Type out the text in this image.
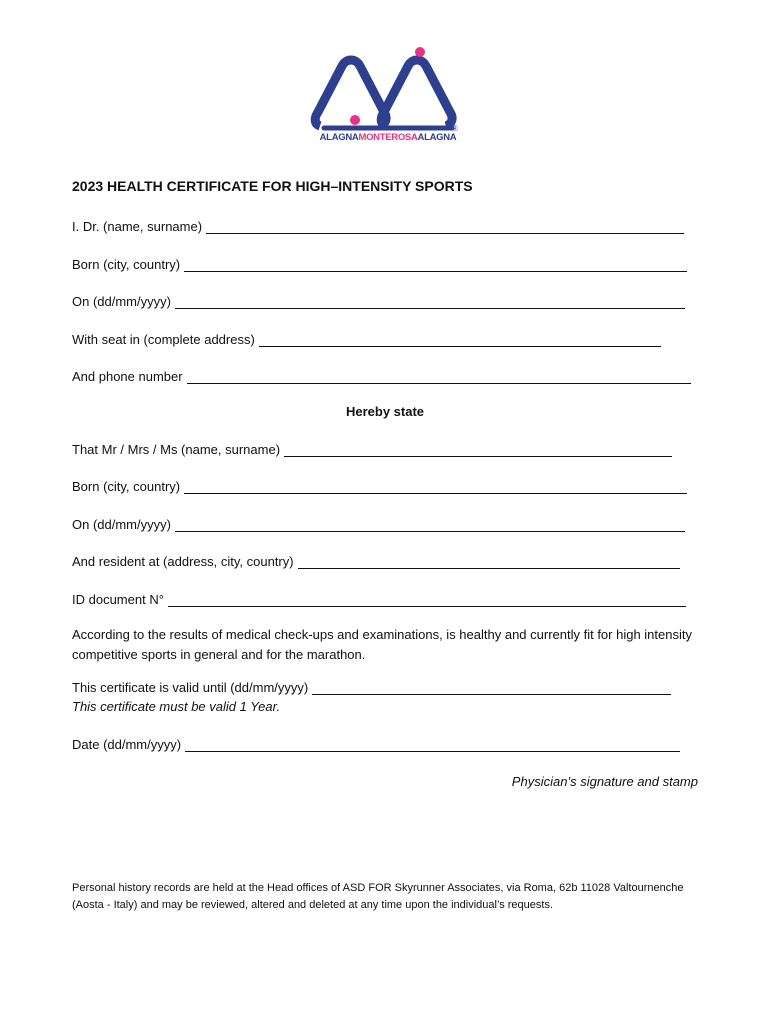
®
ALAGNAMONTEROSAALAGNA
2023 HEALTH CERTIFICATE FOR HIGH–INTENSITY SPORTS
I. Dr. (name, surname)
Born (city, country)
On (dd/mm/yyyy)
With seat in (complete address)
And phone number
Hereby state
That Mr / Mrs / Ms (name, surname)
Born (city, country)
On (dd/mm/yyyy)
And resident at (address, city, country)
ID document N°
According to the results of medical check-ups and examinations, is healthy and currently fit for high intensity competitive sports in general and for the marathon.
This certificate is valid until (dd/mm/yyyy)
This certificate must be valid 1 Year.
Date (dd/mm/yyyy)
Physician’s signature and stamp
Personal history records are held at the Head offices of ASD FOR Skyrunner Associates, via Roma, 62b 11028 Valtournenche (Aosta - Italy) and may be reviewed, altered and deleted at any time upon the individual’s requests.
